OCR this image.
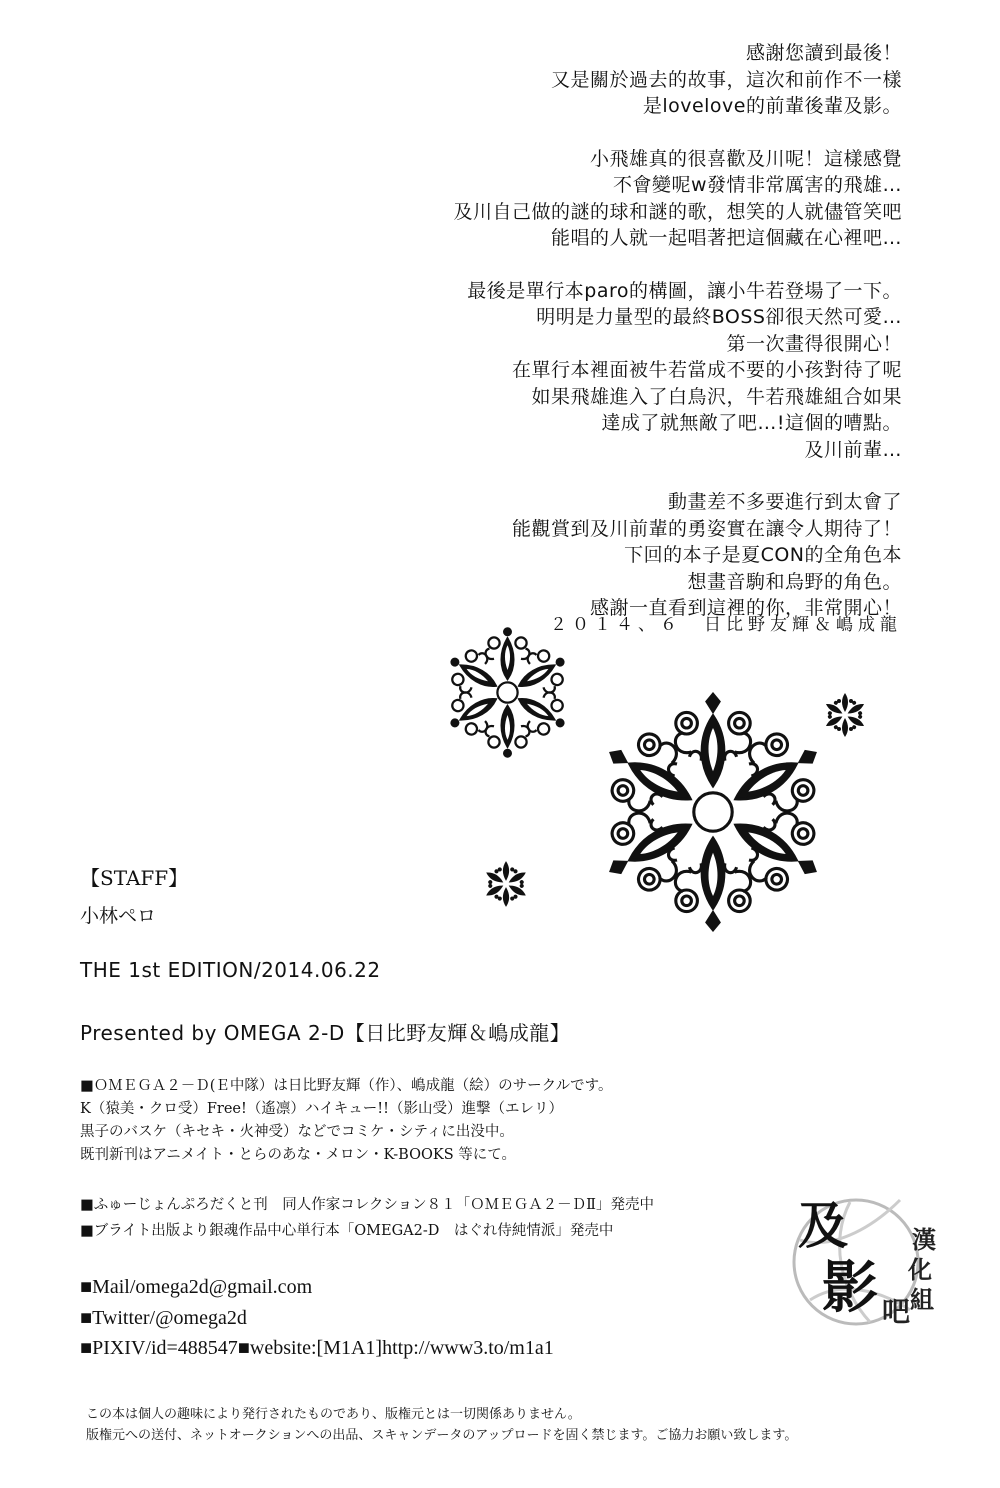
感謝您讀到最後！
又是關於過去的故事，這次和前作不一樣
是lovelove的前輩後輩及影。
小飛雄真的很喜歡及川呢！這樣感覺
不會變呢w發情非常厲害的飛雄…
及川自己做的謎的球和謎的歌，想笑的人就儘管笑吧
能唱的人就一起唱著把這個藏在心裡吧…
最後是單行本paro的構圖，讓小牛若登場了一下。
明明是力量型的最終BOSS卻很天然可愛…
第一次畫得很開心！
在單行本裡面被牛若當成不要的小孩對待了呢
如果飛雄進入了白鳥沢，牛若飛雄組合如果
達成了就無敵了吧…!這個的嘈點。
及川前輩…
動畫差不多要進行到太會了
能觀賞到及川前輩的勇姿實在讓令人期待了！
下回的本子是夏CON的全角色本
想畫音駒和烏野的角色。
感謝一直看到這裡的你，非常開心！
２０１４、６　日比野友輝＆嶋成龍
【STAFF】
小林ペロ
THE 1st EDITION/2014.06.22
Presented by OMEGA 2-D【日比野友輝＆嶋成龍】
■ＯＭＥＧＡ２－Ｄ(Ｅ中隊）は日比野友輝（作）、嶋成龍（絵）のサークルです。
K（猿美・クロ受）Free!（遙凛）ハイキュー!!（影山受）進撃（エレリ）
黒子のバスケ（キセキ・火神受）などでコミケ・シティに出没中。
既刊新刊はアニメイト・とらのあな・メロン・K-BOOKS 等にて。
■ふゅーじょんぷろだくと刊　同人作家コレクション８１「ＯＭＥＧＡ２－ＤⅡ」発売中
■ブライト出版より銀魂作品中心単行本「OMEGA2-D　はぐれ侍純情派」発売中
■Mail/omega2d@gmail.com
■Twitter/@omega2d
■PIXIV/id=488547■website:[M1A1]http://www3.to/m1a1
この本は個人の趣味により発行されたものであり、版権元とは一切関係ありません。
版権元への送付、ネットオークションへの出品、スキャンデータのアップロードを固く禁じます。ご協力お願い致します。
及
影
漢
化
組
吧
